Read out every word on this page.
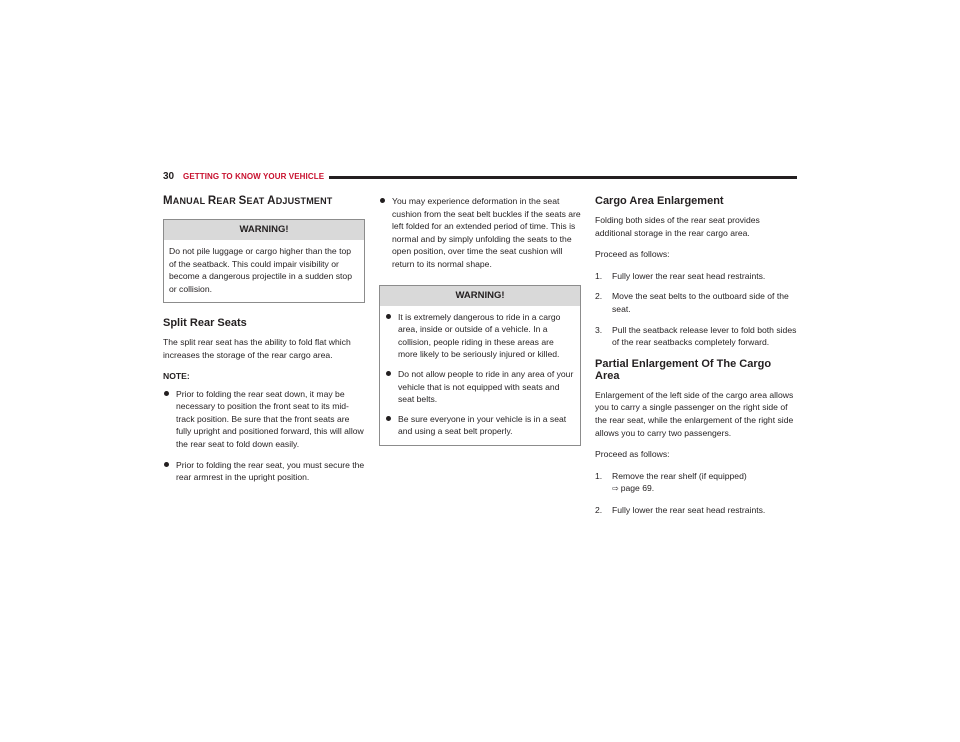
30 GETTING TO KNOW YOUR VEHICLE
MANUAL REAR SEAT ADJUSTMENT
WARNING!
Do not pile luggage or cargo higher than the top of the seatback. This could impair visibility or become a dangerous projectile in a sudden stop or collision.
Split Rear Seats
The split rear seat has the ability to fold flat which increases the storage of the rear cargo area.
NOTE:
Prior to folding the rear seat down, it may be necessary to position the front seat to its mid-track position. Be sure that the front seats are fully upright and positioned forward, this will allow the rear seat to fold down easily.
Prior to folding the rear seat, you must secure the rear armrest in the upright position.
You may experience deformation in the seat cushion from the seat belt buckles if the seats are left folded for an extended period of time. This is normal and by simply unfolding the seats to the open position, over time the seat cushion will return to its normal shape.
WARNING!
It is extremely dangerous to ride in a cargo area, inside or outside of a vehicle. In a collision, people riding in these areas are more likely to be seriously injured or killed.
Do not allow people to ride in any area of your vehicle that is not equipped with seats and seat belts.
Be sure everyone in your vehicle is in a seat and using a seat belt properly.
Cargo Area Enlargement
Folding both sides of the rear seat provides additional storage in the rear cargo area.
Proceed as follows:
1. Fully lower the rear seat head restraints.
2. Move the seat belts to the outboard side of the seat.
3. Pull the seatback release lever to fold both sides of the rear seatbacks completely forward.
Partial Enlargement Of The Cargo Area
Enlargement of the left side of the cargo area allows you to carry a single passenger on the right side of the rear seat, while the enlargement of the right side allows you to carry two passengers.
Proceed as follows:
1. Remove the rear shelf (if equipped)
⇨ page 69.
2. Fully lower the rear seat head restraints.
